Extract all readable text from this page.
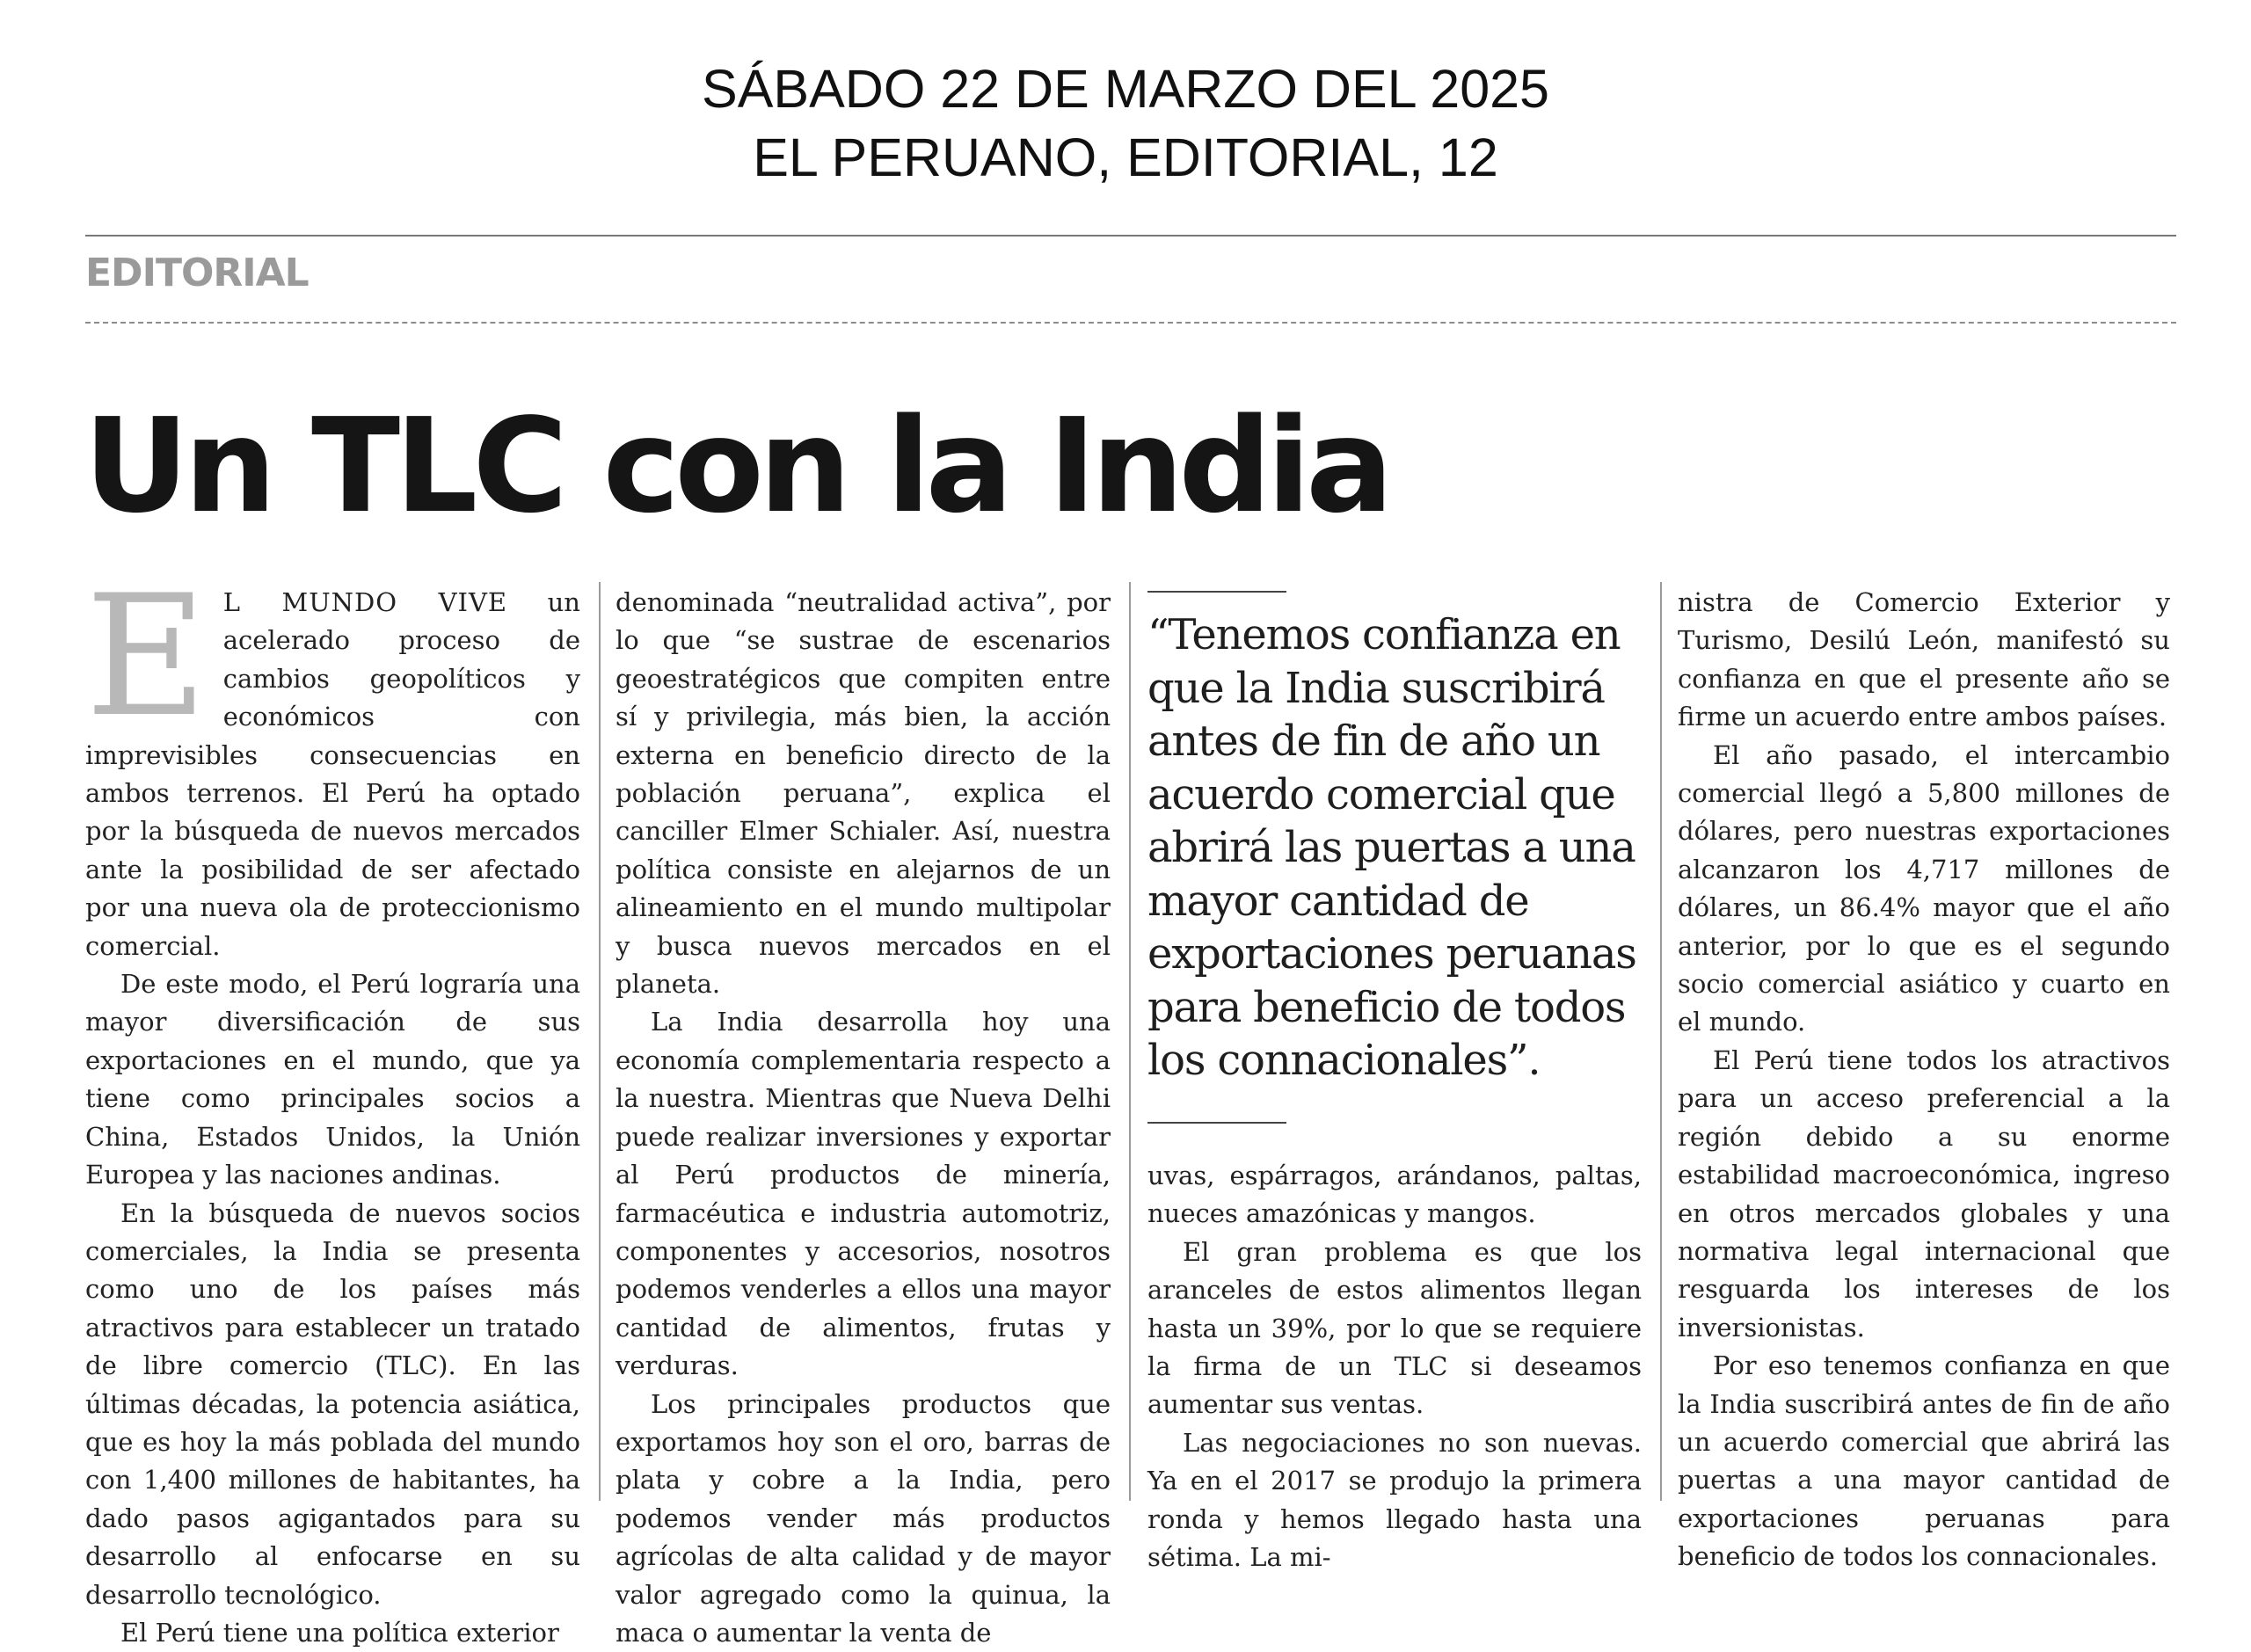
SÁBADO 22 DE MARZO DEL 2025
EL PERUANO, EDITORIAL, 12
EDITORIAL
Un TLC con la India

E L MUNDO VIVE un acelerado proceso de cambios geopolíticos y económicos con imprevisibles consecuencias en ambos terrenos. El Perú ha optado por la búsqueda de nuevos mercados ante la posibilidad de ser afectado por una nueva ola de proteccionismo comercial.

De este modo, el Perú lograría una mayor diversificación de sus exportaciones en el mundo, que ya tiene como principales socios a China, Estados Unidos, la Unión Europea y las naciones andinas.

En la búsqueda de nuevos socios comerciales, la India se presenta como uno de los países más atractivos para establecer un tratado de libre comercio (TLC). En las últimas décadas, la potencia asiática, que es hoy la más poblada del mundo con 1,400 millones de habitantes, ha dado pasos agigantados para su desarrollo al enfocarse en su desarrollo tecnológico.

El Perú tiene una política exterior

denominada “neutralidad activa”, por lo que “se sustrae de escenarios geoestratégicos que compiten entre sí y privilegia, más bien, la acción externa en beneficio directo de la población peruana”, explica el canciller Elmer Schialer. Así, nuestra política consiste en alejarnos de un alineamiento en el mundo multipolar y busca nuevos mercados en el planeta.

La India desarrolla hoy una economía complementaria respecto a la nuestra. Mientras que Nueva Delhi puede realizar inversiones y exportar al Perú productos de minería, farmacéutica e industria automotriz, componentes y accesorios, nosotros podemos venderles a ellos una mayor cantidad de alimentos, frutas y verduras.

Los principales productos que exportamos hoy son el oro, barras de plata y cobre a la India, pero podemos vender más productos agrícolas de alta calidad y de mayor valor agregado como la quinua, la maca o aumentar la venta de

“Tenemos confianza en que la India suscribirá antes de fin de año un acuerdo comercial que abrirá las puertas a una mayor cantidad de exportaciones peruanas para beneficio de todos los connacionales”.

uvas, espárragos, arándanos, paltas, nueces amazónicas y mangos.

El gran problema es que los aranceles de estos alimentos llegan hasta un 39%, por lo que se requiere la firma de un TLC si deseamos aumentar sus ventas.

Las negociaciones no son nuevas. Ya en el 2017 se produjo la primera ronda y hemos llegado hasta una sétima. La mi-

nistra de Comercio Exterior y Turismo, Desilú León, manifestó su confianza en que el presente año se firme un acuerdo entre ambos países.

El año pasado, el intercambio comercial llegó a 5,800 millones de dólares, pero nuestras exportaciones alcanzaron los 4,717 millones de dólares, un 86.4% mayor que el año anterior, por lo que es el segundo socio comercial asiático y cuarto en el mundo.

El Perú tiene todos los atractivos para un acceso preferencial a la región debido a su enorme estabilidad macroeconómica, ingreso en otros mercados globales y una normativa legal internacional que resguarda los intereses de los inversionistas.

Por eso tenemos confianza en que la India suscribirá antes de fin de año un acuerdo comercial que abrirá las puertas a una mayor cantidad de exportaciones peruanas para beneficio de todos los connacionales.
